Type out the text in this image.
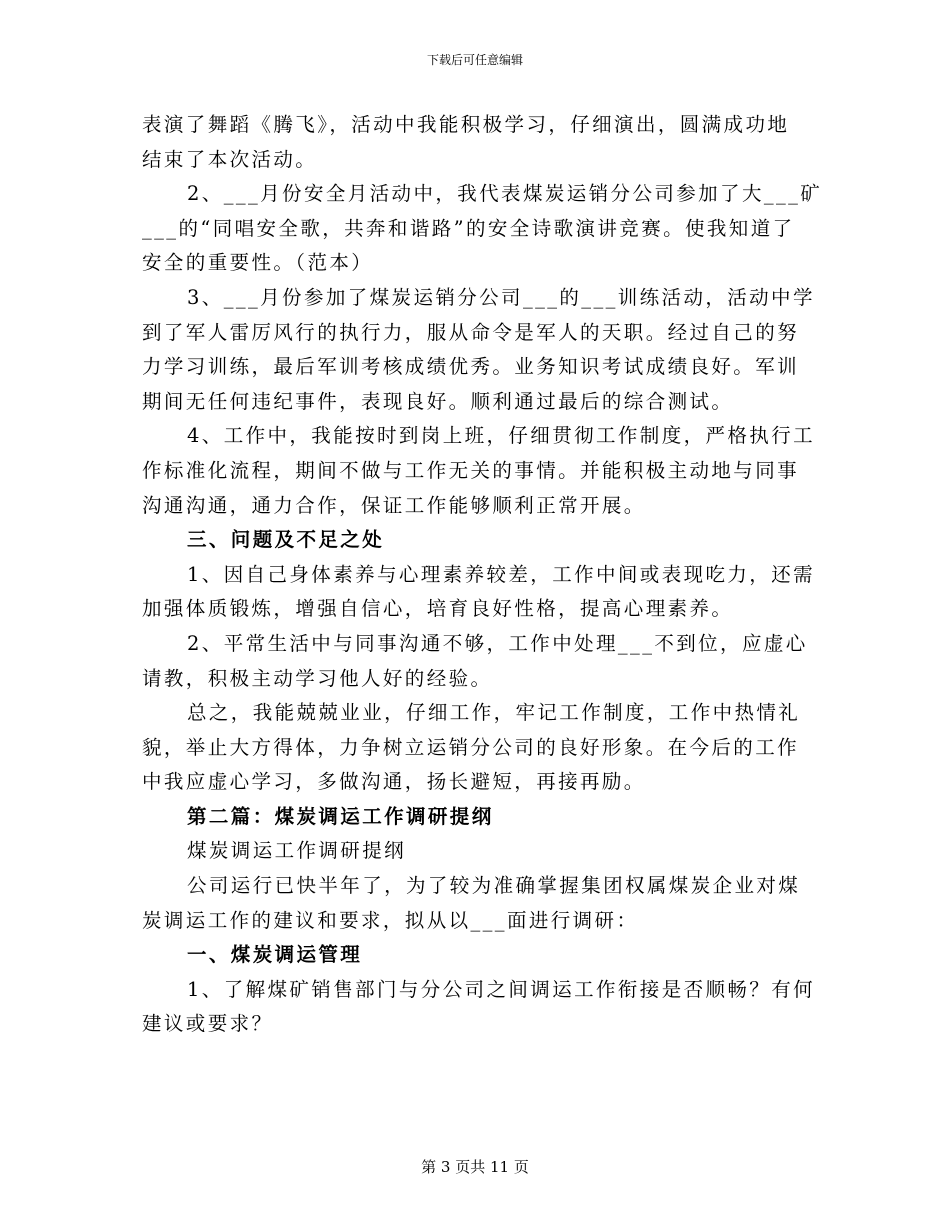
下载后可任意编辑

表演了舞蹈《腾飞》，活动中我能积极学习，仔细演出，圆满成功地

结束了本次活动。

2、___月份安全月活动中，我代表煤炭运销分公司参加了大___矿

___的“同唱安全歌，共奔和谐路”的安全诗歌演讲竞赛。使我知道了

安全的重要性。（范本）

3、___月份参加了煤炭运销分公司___的___训练活动，活动中学

到了军人雷厉风行的执行力，服从命令是军人的天职。经过自己的努

力学习训练，最后军训考核成绩优秀。业务知识考试成绩良好。军训

期间无任何违纪事件，表现良好。顺利通过最后的综合测试。

4、工作中，我能按时到岗上班，仔细贯彻工作制度，严格执行工

作标准化流程，期间不做与工作无关的事情。并能积极主动地与同事

沟通沟通，通力合作，保证工作能够顺利正常开展。

三、问题及不足之处

1、因自己身体素养与心理素养较差，工作中间或表现吃力，还需

加强体质锻炼，增强自信心，培育良好性格，提高心理素养。

2、平常生活中与同事沟通不够，工作中处理___不到位，应虚心

请教，积极主动学习他人好的经验。

总之，我能兢兢业业，仔细工作，牢记工作制度，工作中热情礼

貌，举止大方得体，力争树立运销分公司的良好形象。在今后的工作

中我应虚心学习，多做沟通，扬长避短，再接再励。

第二篇：煤炭调运工作调研提纲

煤炭调运工作调研提纲

公司运行已快半年了，为了较为准确掌握集团权属煤炭企业对煤

炭调运工作的建议和要求，拟从以___面进行调研：

一、煤炭调运管理

1、了解煤矿销售部门与分公司之间调运工作衔接是否顺畅？有何

建议或要求？

第 3 页共 11 页
